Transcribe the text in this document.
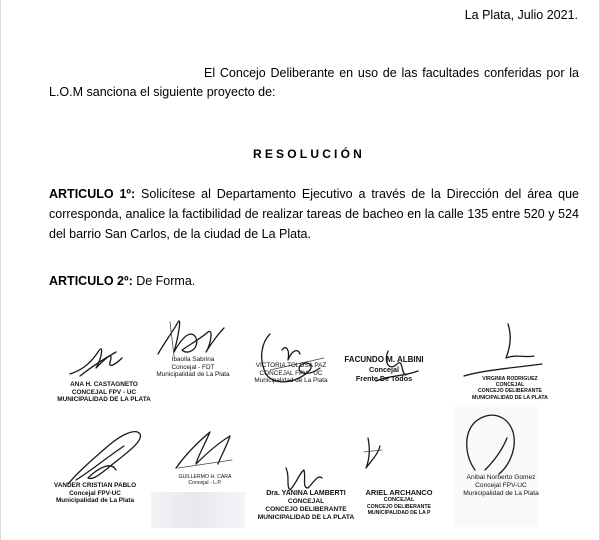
La Plata, Julio 2021.

El Concejo Deliberante en uso de las facultades conferidas por la L.O.M sanciona el siguiente proyecto de:

RESOLUCIÓN

ARTICULO 1º: Solicítese al Departamento Ejecutivo a través de la Dirección del área que corresponda, analice la factibilidad de realizar tareas de bacheo en la calle 135 entre 520 y 524 del barrio San Carlos, de la ciudad de La Plata.

ARTICULO 2º: De Forma.

ANA H. CASTAGNETO
CONCEJAL FPV - UC
MUNICIPALIDAD DE LA PLATA
Ibaolla Sabrina
Concejal - FDT
Municipalidad de La Plata
VICTORIA TOLOSA PAZ
CONCEJAL FPV - UC
Municipalidad de La Plata
FACUNDO M. ALBINI
Concejal
Frente De Todos	VIRGINIA RODRIGUEZ
CONCEJAL
CONCEJO DELIBERANTE
MUNICIPALIDAD DE LA PLATA
VANDER CRISTIAN PABLO
Concejal FPV-UC
Municipalidad de La Plata
GUILLERMO H. CARA
Concejal - L.P.
Dra. YANINA LAMBERTI
CONCEJAL
CONCEJO DELIBERANTE
MUNICIPALIDAD DE LA PLATA
ARIEL ARCHANCO
CONCEJAL
CONCEJO DELIBERANTE
MUNICIPALIDAD DE LA P
Anibal Norberto Gomez
Concejal FPV-UC
Municipalidad de La Plata
